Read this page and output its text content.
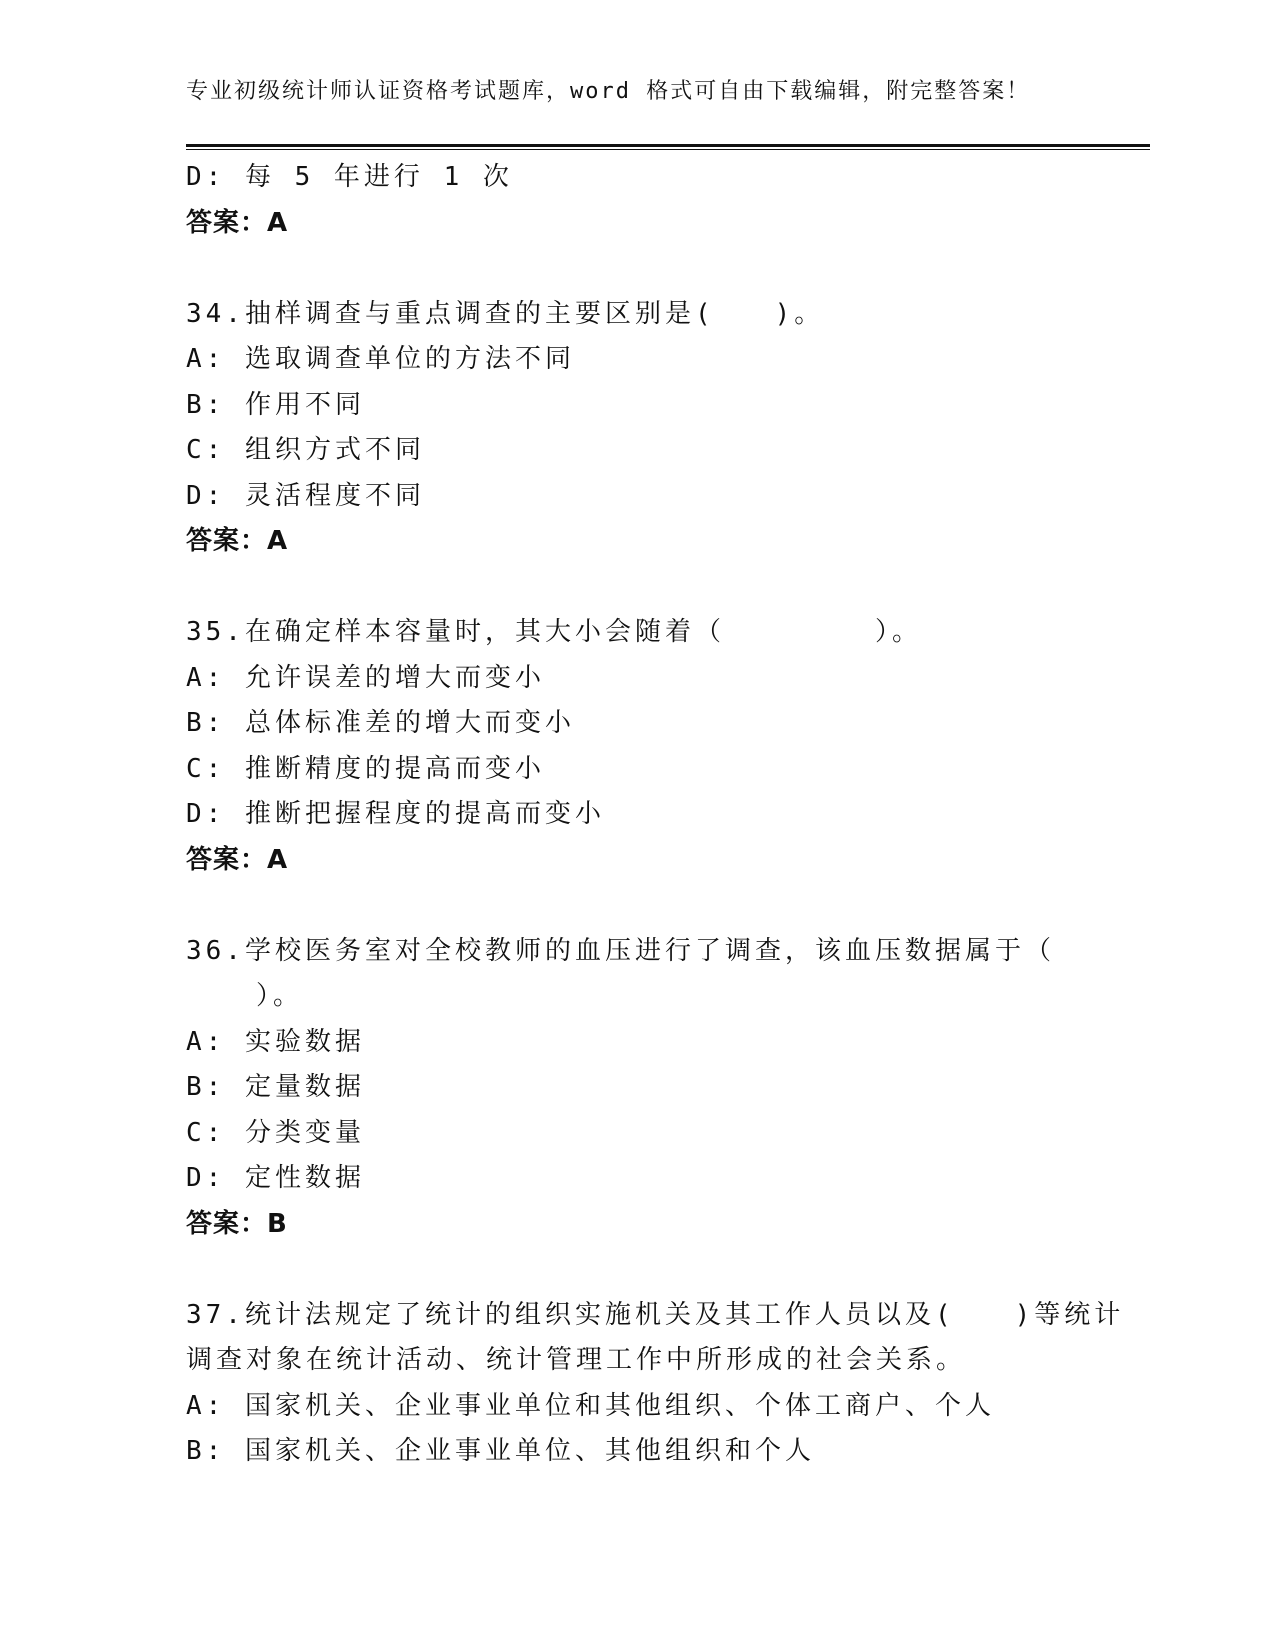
专业初级统计师认证资格考试题库，word 格式可自由下载编辑，附完整答案！
D: 每 5 年进行 1 次
答案：A
34.抽样调查与重点调查的主要区别是(　　)。
A: 选取调查单位的方法不同
B: 作用不同
C: 组织方式不同
D: 灵活程度不同
答案：A
35.在确定样本容量时，其大小会随着（　　　　　）。
A: 允许误差的增大而变小
B: 总体标准差的增大而变小
C: 推断精度的提高而变小
D: 推断把握程度的提高而变小
答案：A
36.学校医务室对全校教师的血压进行了调查，该血压数据属于（
）。
A: 实验数据
B: 定量数据
C: 分类变量
D: 定性数据
答案：B
37.统计法规定了统计的组织实施机关及其工作人员以及(　　)等统计
调查对象在统计活动、统计管理工作中所形成的社会关系。
A: 国家机关、企业事业单位和其他组织、个体工商户、个人
B: 国家机关、企业事业单位、其他组织和个人
